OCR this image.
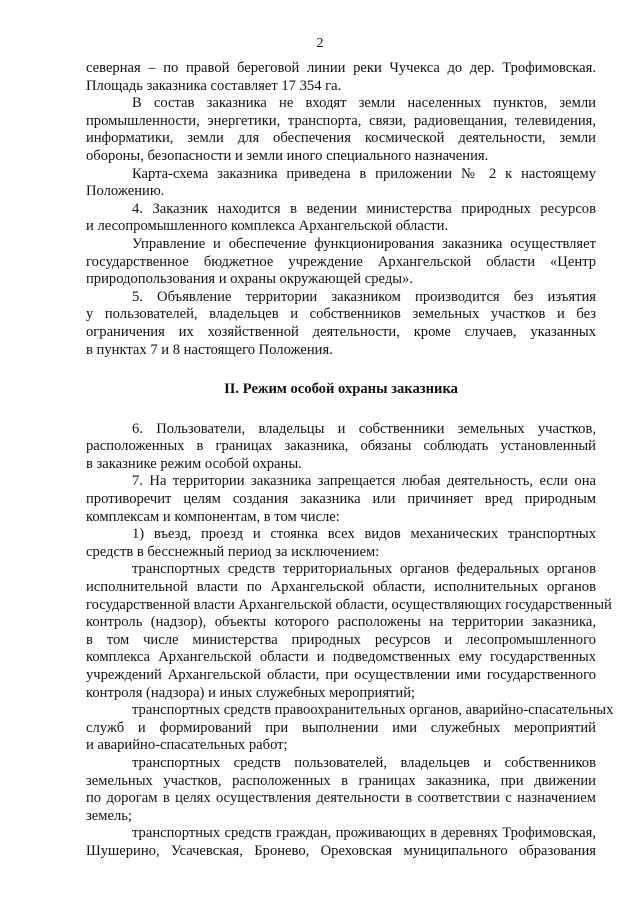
2
северная – по правой береговой линии реки Чучекса до дер. Трофимовская.
Площадь заказника составляет 17 354 га.
В состав заказника не входят земли населенных пунктов, земли
промышленности, энергетики, транспорта, связи, радиовещания, телевидения,
информатики, земли для обеспечения космической деятельности, земли
обороны, безопасности и земли иного специального назначения.
Карта-схема заказника приведена в приложении № 2 к настоящему
Положению.
4. Заказник находится в ведении министерства природных ресурсов
и лесопромышленного комплекса Архангельской области.
Управление и обеспечение функционирования заказника осуществляет
государственное бюджетное учреждение Архангельской области «Центр
природопользования и охраны окружающей среды».
5. Объявление территории заказником производится без изъятия
у пользователей, владельцев и собственников земельных участков и без
ограничения их хозяйственной деятельности, кроме случаев, указанных
в пунктах 7 и 8 настоящего Положения.
II. Режим особой охраны заказника
6. Пользователи, владельцы и собственники земельных участков,
расположенных в границах заказника, обязаны соблюдать установленный
в заказнике режим особой охраны.
7. На территории заказника запрещается любая деятельность, если она
противоречит целям создания заказника или причиняет вред природным
комплексам и компонентам, в том числе:
1) въезд, проезд и стоянка всех видов механических транспортных
средств в бесснежный период за исключением:
транспортных средств территориальных органов федеральных органов
исполнительной власти по Архангельской области, исполнительных органов
государственной власти Архангельской области, осуществляющих государственный
контроль (надзор), объекты которого расположены на территории заказника,
в том числе министерства природных ресурсов и лесопромышленного
комплекса Архангельской области и подведомственных ему государственных
учреждений Архангельской области, при осуществлении ими государственного
контроля (надзора) и иных служебных мероприятий;
транспортных средств правоохранительных органов, аварийно-спасательных
служб и формирований при выполнении ими служебных мероприятий
и аварийно-спасательных работ;
транспортных средств пользователей, владельцев и собственников
земельных участков, расположенных в границах заказника, при движении
по дорогам в целях осуществления деятельности в соответствии с назначением
земель;
транспортных средств граждан, проживающих в деревнях Трофимовская,
Шушерино, Усачевская, Бронево, Ореховская муниципального образования
